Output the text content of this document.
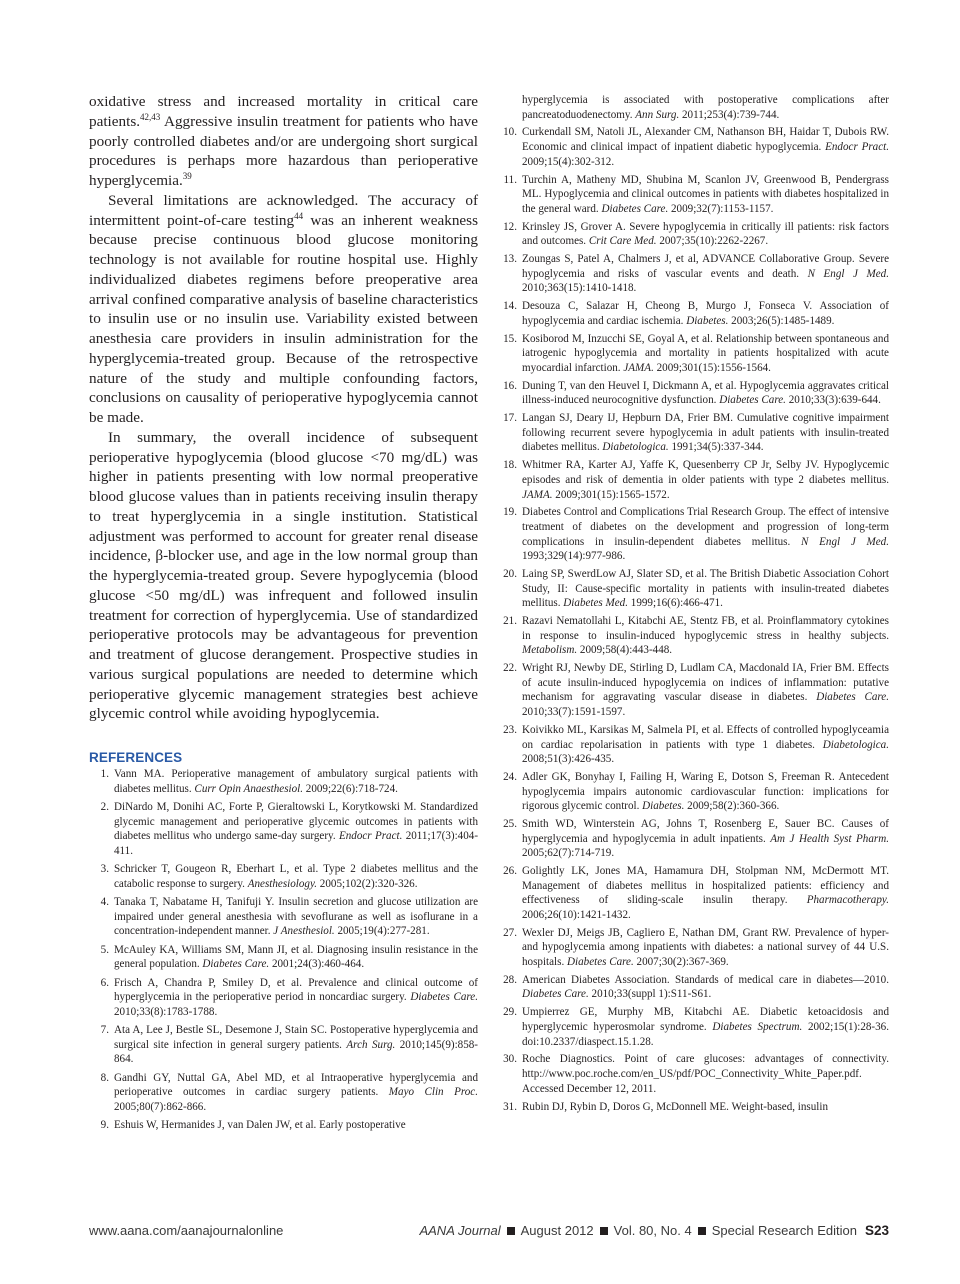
oxidative stress and increased mortality in critical care patients.$^{42,43}$ Aggressive insulin treatment for patients who have poorly controlled diabetes and/or are undergoing short surgical procedures is perhaps more hazardous than perioperative hyperglycemia.$^{39}$

Several limitations are acknowledged. The accuracy of intermittent point-of-care testing$^{44}$ was an inherent weakness because precise continuous blood glucose monitoring technology is not available for routine hospital use. Highly individualized diabetes regimens before preoperative area arrival confined comparative analysis of baseline characteristics to insulin use or no insulin use. Variability existed between anesthesia care providers in insulin administration for the hyperglycemia-treated group. Because of the retrospective nature of the study and multiple confounding factors, conclusions on causality of perioperative hypoglycemia cannot be made.

In summary, the overall incidence of subsequent perioperative hypoglycemia (blood glucose <70 mg/dL) was higher in patients presenting with low normal preoperative blood glucose values than in patients receiving insulin therapy to treat hyperglycemia in a single institution. Statistical adjustment was performed to account for greater renal disease incidence, β-blocker use, and age in the low normal group than the hyperglycemia-treated group. Severe hypoglycemia (blood glucose <50 mg/dL) was infrequent and followed insulin treatment for correction of hyperglycemia. Use of standardized perioperative protocols may be advantageous for prevention and treatment of glucose derangement. Prospective studies in various surgical populations are needed to determine which perioperative glycemic management strategies best achieve glycemic control while avoiding hypoglycemia.

REFERENCES
1. Vann MA. Perioperative management of ambulatory surgical patients with diabetes mellitus. Curr Opin Anaesthesiol. 2009;22(6):718-724.
2. DiNardo M, Donihi AC, Forte P, Gieraltowski L, Korytkowski M. Standardized glycemic management and perioperative glycemic outcomes in patients with diabetes mellitus who undergo same-day surgery. Endocr Pract. 2011;17(3):404-411.
3. Schricker T, Gougeon R, Eberhart L, et al. Type 2 diabetes mellitus and the catabolic response to surgery. Anesthesiology. 2005;102(2):320-326.
4. Tanaka T, Nabatame H, Tanifuji Y. Insulin secretion and glucose utilization are impaired under general anesthesia with sevoflurane as well as isoflurane in a concentration-independent manner. J Anesthesiol. 2005;19(4):277-281.
5. McAuley KA, Williams SM, Mann JI, et al. Diagnosing insulin resistance in the general population. Diabetes Care. 2001;24(3):460-464.
6. Frisch A, Chandra P, Smiley D, et al. Prevalence and clinical outcome of hyperglycemia in the perioperative period in noncardiac surgery. Diabetes Care. 2010;33(8):1783-1788.
7. Ata A, Lee J, Bestle SL, Desemone J, Stain SC. Postoperative hyperglycemia and surgical site infection in general surgery patients. Arch Surg. 2010;145(9):858-864.
8. Gandhi GY, Nuttal GA, Abel MD, et al Intraoperative hyperglycemia and perioperative outcomes in cardiac surgery patients. Mayo Clin Proc. 2005;80(7):862-866.
9. Eshuis W, Hermanides J, van Dalen JW, et al. Early postoperative
hyperglycemia is associated with postoperative complications after pancreatoduodenectomy. Ann Surg. 2011;253(4):739-744.
10. Curkendall SM, Natoli JL, Alexander CM, Nathanson BH, Haidar T, Dubois RW. Economic and clinical impact of inpatient diabetic hypoglycemia. Endocr Pract. 2009;15(4):302-312.
11. Turchin A, Matheny MD, Shubina M, Scanlon JV, Greenwood B, Pendergrass ML. Hypoglycemia and clinical outcomes in patients with diabetes hospitalized in the general ward. Diabetes Care. 2009;32(7):1153-1157.
12. Krinsley JS, Grover A. Severe hypoglycemia in critically ill patients: risk factors and outcomes. Crit Care Med. 2007;35(10):2262-2267.
13. Zoungas S, Patel A, Chalmers J, et al, ADVANCE Collaborative Group. Severe hypoglycemia and risks of vascular events and death. N Engl J Med. 2010;363(15):1410-1418.
14. Desouza C, Salazar H, Cheong B, Murgo J, Fonseca V. Association of hypoglycemia and cardiac ischemia. Diabetes. 2003;26(5):1485-1489.
15. Kosiborod M, Inzucchi SE, Goyal A, et al. Relationship between spontaneous and iatrogenic hypoglycemia and mortality in patients hospitalized with acute myocardial infarction. JAMA. 2009;301(15):1556-1564.
16. Duning T, van den Heuvel I, Dickmann A, et al. Hypoglycemia aggravates critical illness-induced neurocognitive dysfunction. Diabetes Care. 2010;33(3):639-644.
17. Langan SJ, Deary IJ, Hepburn DA, Frier BM. Cumulative cognitive impairment following recurrent severe hypoglycemia in adult patients with insulin-treated diabetes mellitus. Diabetologica. 1991;34(5):337-344.
18. Whitmer RA, Karter AJ, Yaffe K, Quesenberry CP Jr, Selby JV. Hypoglycemic episodes and risk of dementia in older patients with type 2 diabetes mellitus. JAMA. 2009;301(15):1565-1572.
19. Diabetes Control and Complications Trial Research Group. The effect of intensive treatment of diabetes on the development and progression of long-term complications in insulin-dependent diabetes mellitus. N Engl J Med. 1993;329(14):977-986.
20. Laing SP, SwerdLow AJ, Slater SD, et al. The British Diabetic Association Cohort Study, II: Cause-specific mortality in patients with insulin-treated diabetes mellitus. Diabetes Med. 1999;16(6):466-471.
21. Razavi Nematollahi L, Kitabchi AE, Stentz FB, et al. Proinflammatory cytokines in response to insulin-induced hypoglycemic stress in healthy subjects. Metabolism. 2009;58(4):443-448.
22. Wright RJ, Newby DE, Stirling D, Ludlam CA, Macdonald IA, Frier BM. Effects of acute insulin-induced hypoglycemia on indices of inflammation: putative mechanism for aggravating vascular disease in diabetes. Diabetes Care. 2010;33(7):1591-1597.
23. Koivikko ML, Karsikas M, Salmela PI, et al. Effects of controlled hypoglyceamia on cardiac repolarisation in patients with type 1 diabetes. Diabetologica. 2008;51(3):426-435.
24. Adler GK, Bonyhay I, Failing H, Waring E, Dotson S, Freeman R. Antecedent hypoglycemia impairs autonomic cardiovascular function: implications for rigorous glycemic control. Diabetes. 2009;58(2):360-366.
25. Smith WD, Winterstein AG, Johns T, Rosenberg E, Sauer BC. Causes of hyperglycemia and hypoglycemia in adult inpatients. Am J Health Syst Pharm. 2005;62(7):714-719.
26. Golightly LK, Jones MA, Hamamura DH, Stolpman NM, McDermott MT. Management of diabetes mellitus in hospitalized patients: efficiency and effectiveness of sliding-scale insulin therapy. Pharmacotherapy. 2006;26(10):1421-1432.
27. Wexler DJ, Meigs JB, Cagliero E, Nathan DM, Grant RW. Prevalence of hyper- and hypoglycemia among inpatients with diabetes: a national survey of 44 U.S. hospitals. Diabetes Care. 2007;30(2):367-369.
28. American Diabetes Association. Standards of medical care in diabetes—2010. Diabetes Care. 2010;33(suppl 1):S11-S61.
29. Umpierrez GE, Murphy MB, Kitabchi AE. Diabetic ketoacidosis and hyperglycemic hyperosmolar syndrome. Diabetes Spectrum. 2002;15(1):28-36. doi:10.2337/diaspect.15.1.28.
30. Roche Diagnostics. Point of care glucoses: advantages of connectivity. http://www.poc.roche.com/en_US/pdf/POC_Connectivity_White_Paper.pdf. Accessed December 12, 2011.
31. Rubin DJ, Rybin D, Doros G, McDonnell ME. Weight-based, insulin
www.aana.com/aanajournalonline	AANA Journal August 2012 Vol. 80, No. 4 Special Research Edition S23
